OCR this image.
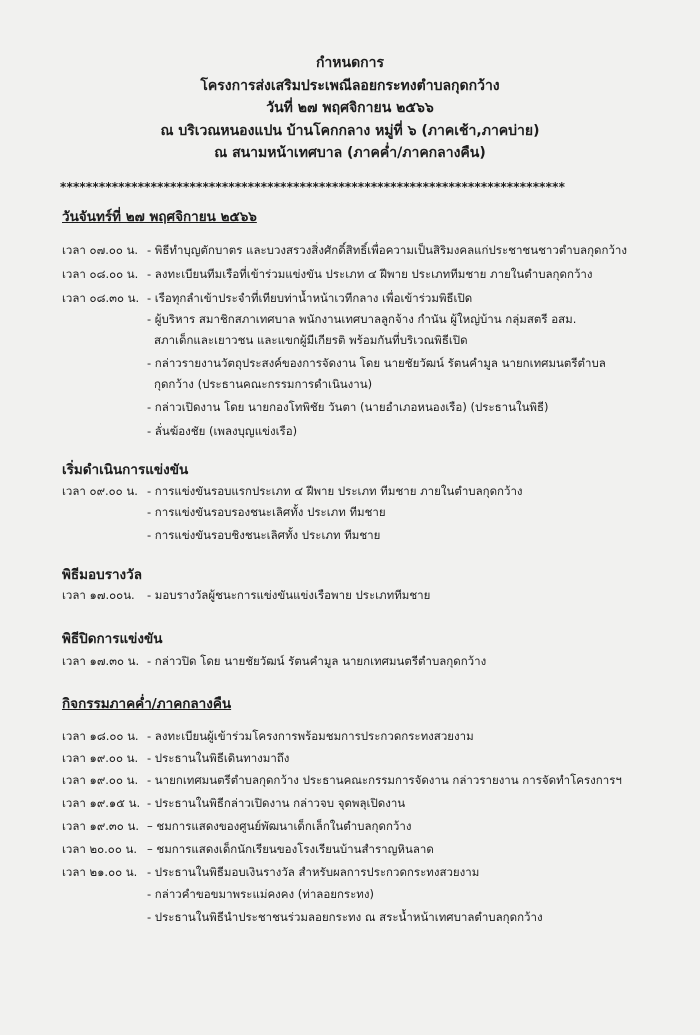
กำหนดการ
โครงการส่งเสริมประเพณีลอยกระทงตำบลกุดกว้าง
วันที่ ๒๗ พฤศจิกายน ๒๕๖๖
ณ บริเวณหนองแปน บ้านโคกกลาง หมู่ที่ ๖ (ภาคเช้า,ภาคบ่าย)
ณ สนามหน้าเทศบาล (ภาคค่ำ/ภาคกลางคืน)
******************************************************************************
วันจันทร์ที่ ๒๗ พฤศจิกายน ๒๕๖๖
เวลา ๐๗.๐๐ น. - พิธีทำบุญตักบาตร และบวงสรวงสิ่งศักดิ์สิทธิ์เพื่อความเป็นสิริมงคลแก่ประชาชนชาวตำบลกุดกว้าง
เวลา ๐๘.๐๐ น. - ลงทะเบียนทีมเรือที่เข้าร่วมแข่งขัน ประเภท ๔ ฝีพาย ประเภททีมชาย ภายในตำบลกุดกว้าง
เวลา ๐๘.๓๐ น. - เรือทุกลำเข้าประจำที่เทียบท่าน้ำหน้าเวทีกลาง เพื่อเข้าร่วมพิธีเปิด
- ผู้บริหาร สมาชิกสภาเทศบาล พนักงานเทศบาลลูกจ้าง กำนัน ผู้ใหญ่บ้าน กลุ่มสตรี อสม.
สภาเด็กและเยาวชน และแขกผู้มีเกียรติ พร้อมกันที่บริเวณพิธีเปิด
- กล่าวรายงานวัตถุประสงค์ของการจัดงาน โดย นายชัยวัฒน์ รัตนคำมูล นายกเทศมนตรีตำบล
กุดกว้าง (ประธานคณะกรรมการดำเนินงาน)
- กล่าวเปิดงาน โดย นายกองโทพิชัย วันตา (นายอำเภอหนองเรือ) (ประธานในพิธี)
- ลั่นฆ้องชัย (เพลงบุญแข่งเรือ)
เริ่มดำเนินการแข่งขัน
เวลา ๐๙.๐๐ น. - การแข่งขันรอบแรกประเภท ๔ ฝีพาย ประเภท ทีมชาย ภายในตำบลกุดกว้าง
- การแข่งขันรอบรองชนะเลิศทั้ง ประเภท ทีมชาย
- การแข่งขันรอบชิงชนะเลิศทั้ง ประเภท ทีมชาย
พิธีมอบรางวัล
เวลา ๑๗.๐๐น.	- มอบรางวัลผู้ชนะการแข่งขันแข่งเรือพาย ประเภททีมชาย
พิธีปิดการแข่งขัน
เวลา ๑๗.๓๐ น. - กล่าวปิด โดย นายชัยวัฒน์ รัตนคำมูล นายกเทศมนตรีตำบลกุดกว้าง
กิจกรรมภาคค่ำ/ภาคกลางคืน
เวลา ๑๘.๐๐ น. - ลงทะเบียนผู้เข้าร่วมโครงการพร้อมชมการประกวดกระทงสวยงาม
เวลา ๑๙.๐๐ น. - ประธานในพิธีเดินทางมาถึง
เวลา ๑๙.๐๐ น. - นายกเทศมนตรีตำบลกุดกว้าง ประธานคณะกรรมการจัดงาน กล่าวรายงาน การจัดทำโครงการฯ
เวลา ๑๙.๑๕ น. - ประธานในพิธีกล่าวเปิดงาน กล่าวจบ จุดพลุเปิดงาน
เวลา ๑๙.๓๐ น. – ชมการแสดงของศูนย์พัฒนาเด็กเล็กในตำบลกุดกว้าง
เวลา ๒๐.๐๐ น. – ชมการแสดงเด็กนักเรียนของโรงเรียนบ้านสำราญหินลาด
เวลา ๒๑.๐๐ น. - ประธานในพิธีมอบเงินรางวัล สำหรับผลการประกวดกระทงสวยงาม
- กล่าวคำขอขมาพระแม่คงคง (ท่าลอยกระทง)
- ประธานในพิธีนำประชาชนร่วมลอยกระทง ณ สระน้ำหน้าเทศบาลตำบลกุดกว้าง
